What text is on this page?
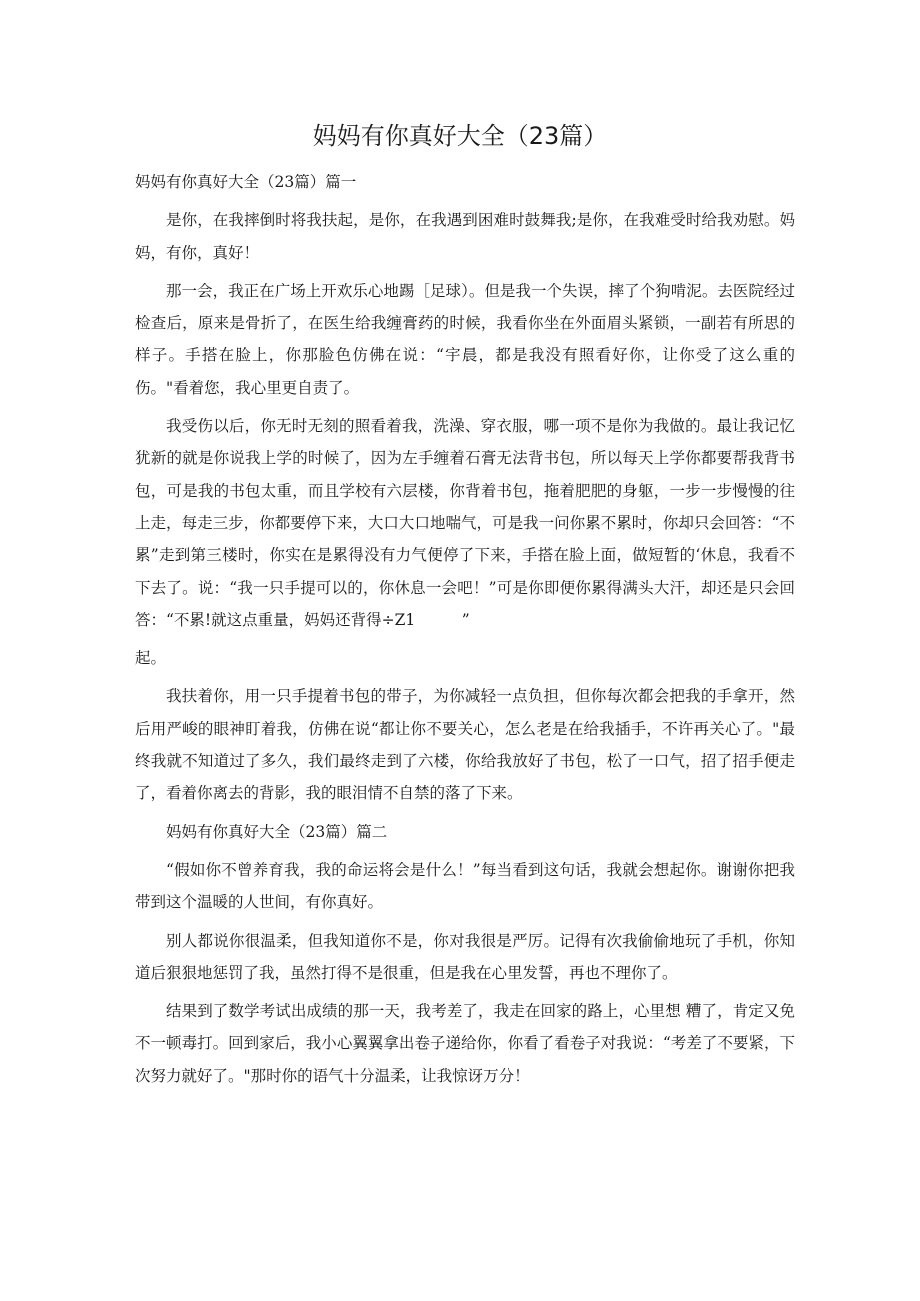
妈妈有你真好大全（23篇）

妈妈有你真好大全（23篇）篇一

是你，在我摔倒时将我扶起，是你，在我遇到困难时鼓舞我;是你，在我难受时给我劝慰。妈妈，有你，真好！

那一会，我正在广场上开欢乐心地踢［足球）。但是我一个失误，摔了个狗啃泥。去医院经过检查后，原来是骨折了，在医生给我缠膏药的时候，我看你坐在外面眉头紧锁，一副若有所思的样子。手搭在脸上，你那脸色仿佛在说：“宇晨，都是我没有照看好你，让你受了这么重的伤。"看着您，我心里更自责了。

我受伤以后，你无时无刻的照看着我，洗澡、穿衣服，哪一项不是你为我做的。最让我记忆犹新的就是你说我上学的时候了，因为左手缠着石膏无法背书包，所以每天上学你都要帮我背书包，可是我的书包太重，而且学校有六层楼，你背着书包，拖着肥肥的身躯，一步一步慢慢的往上走，每走三步，你都要停下来，大口大口地喘气，可是我一问你累不累时，你却只会回答：“不累”走到第三楼时，你实在是累得没有力气便停了下来，手搭在脸上面，做短暂的‘休息，我看不下去了。说：“我一只手提可以的，你休息一会吧！”可是你即便你累得满头大汗，却还是只会回答：“不累!就这点重量，妈妈还背得÷Z1　　　”

起。

我扶着你，用一只手提着书包的带子，为你减轻一点负担，但你每次都会把我的手拿开，然后用严峻的眼神盯着我，仿佛在说“都让你不要关心，怎么老是在给我插手，不许再关心了。"最终我就不知道过了多久，我们最终走到了六楼，你给我放好了书包，松了一口气，招了招手便走了，看着你离去的背影，我的眼泪情不自禁的落了下来。

妈妈有你真好大全（23篇）篇二

“假如你不曾养育我，我的命运将会是什么！”每当看到这句话，我就会想起你。谢谢你把我带到这个温暖的人世间，有你真好。

别人都说你很温柔，但我知道你不是，你对我很是严厉。记得有次我偷偷地玩了手机，你知道后狠狠地惩罚了我，虽然打得不是很重，但是我在心里发誓，再也不理你了。

结果到了数学考试出成绩的那一天，我考差了，我走在回家的路上，心里想 糟了，肯定又免不一顿毒打。回到家后，我小心翼翼拿出卷子递给你，你看了看卷子对我说：“考差了不要紧，下次努力就好了。"那时你的语气十分温柔，让我惊讶万分！
